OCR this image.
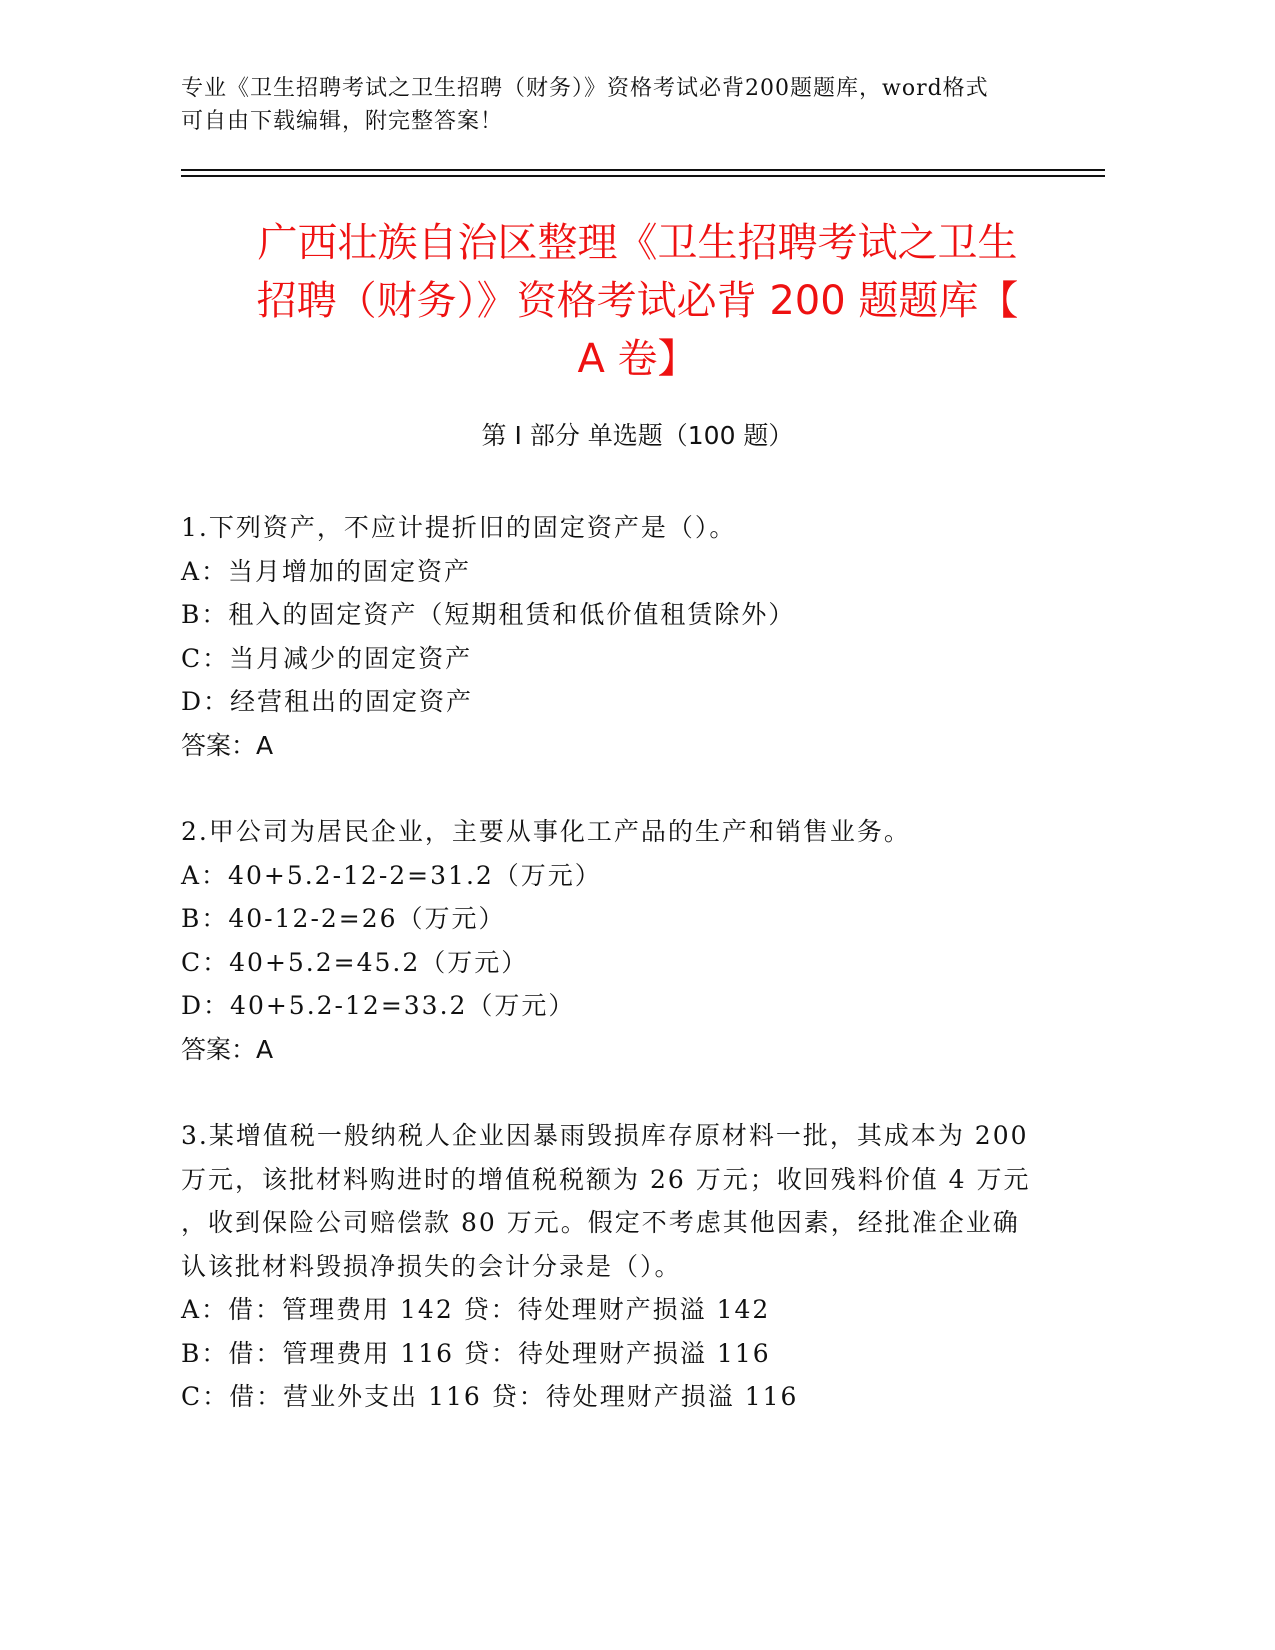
专业《卫生招聘考试之卫生招聘（财务）》资格考试必背200题题库，word格式
可自由下载编辑，附完整答案！
广西壮族自治区整理《卫生招聘考试之卫生
招聘（财务）》资格考试必背 200 题题库【
A 卷】
第 I 部分 单选题（100 题）
1.下列资产，不应计提折旧的固定资产是（）。
A：当月增加的固定资产
B：租入的固定资产（短期租赁和低价值租赁除外）
C：当月减少的固定资产
D：经营租出的固定资产
答案：A
2.甲公司为居民企业，主要从事化工产品的生产和销售业务。
A：40+5.2-12-2=31.2（万元）
B：40-12-2=26（万元）
C：40+5.2=45.2（万元）
D：40+5.2-12=33.2（万元）
答案：A
3.某增值税一般纳税人企业因暴雨毁损库存原材料一批，其成本为 200
万元，该批材料购进时的增值税税额为 26 万元；收回残料价值 4 万元
，收到保险公司赔偿款 80 万元。假定不考虑其他因素，经批准企业确
认该批材料毁损净损失的会计分录是（）。
A：借：管理费用 142 贷：待处理财产损溢 142
B：借：管理费用 116 贷：待处理财产损溢 116
C：借：营业外支出 116 贷：待处理财产损溢 116
